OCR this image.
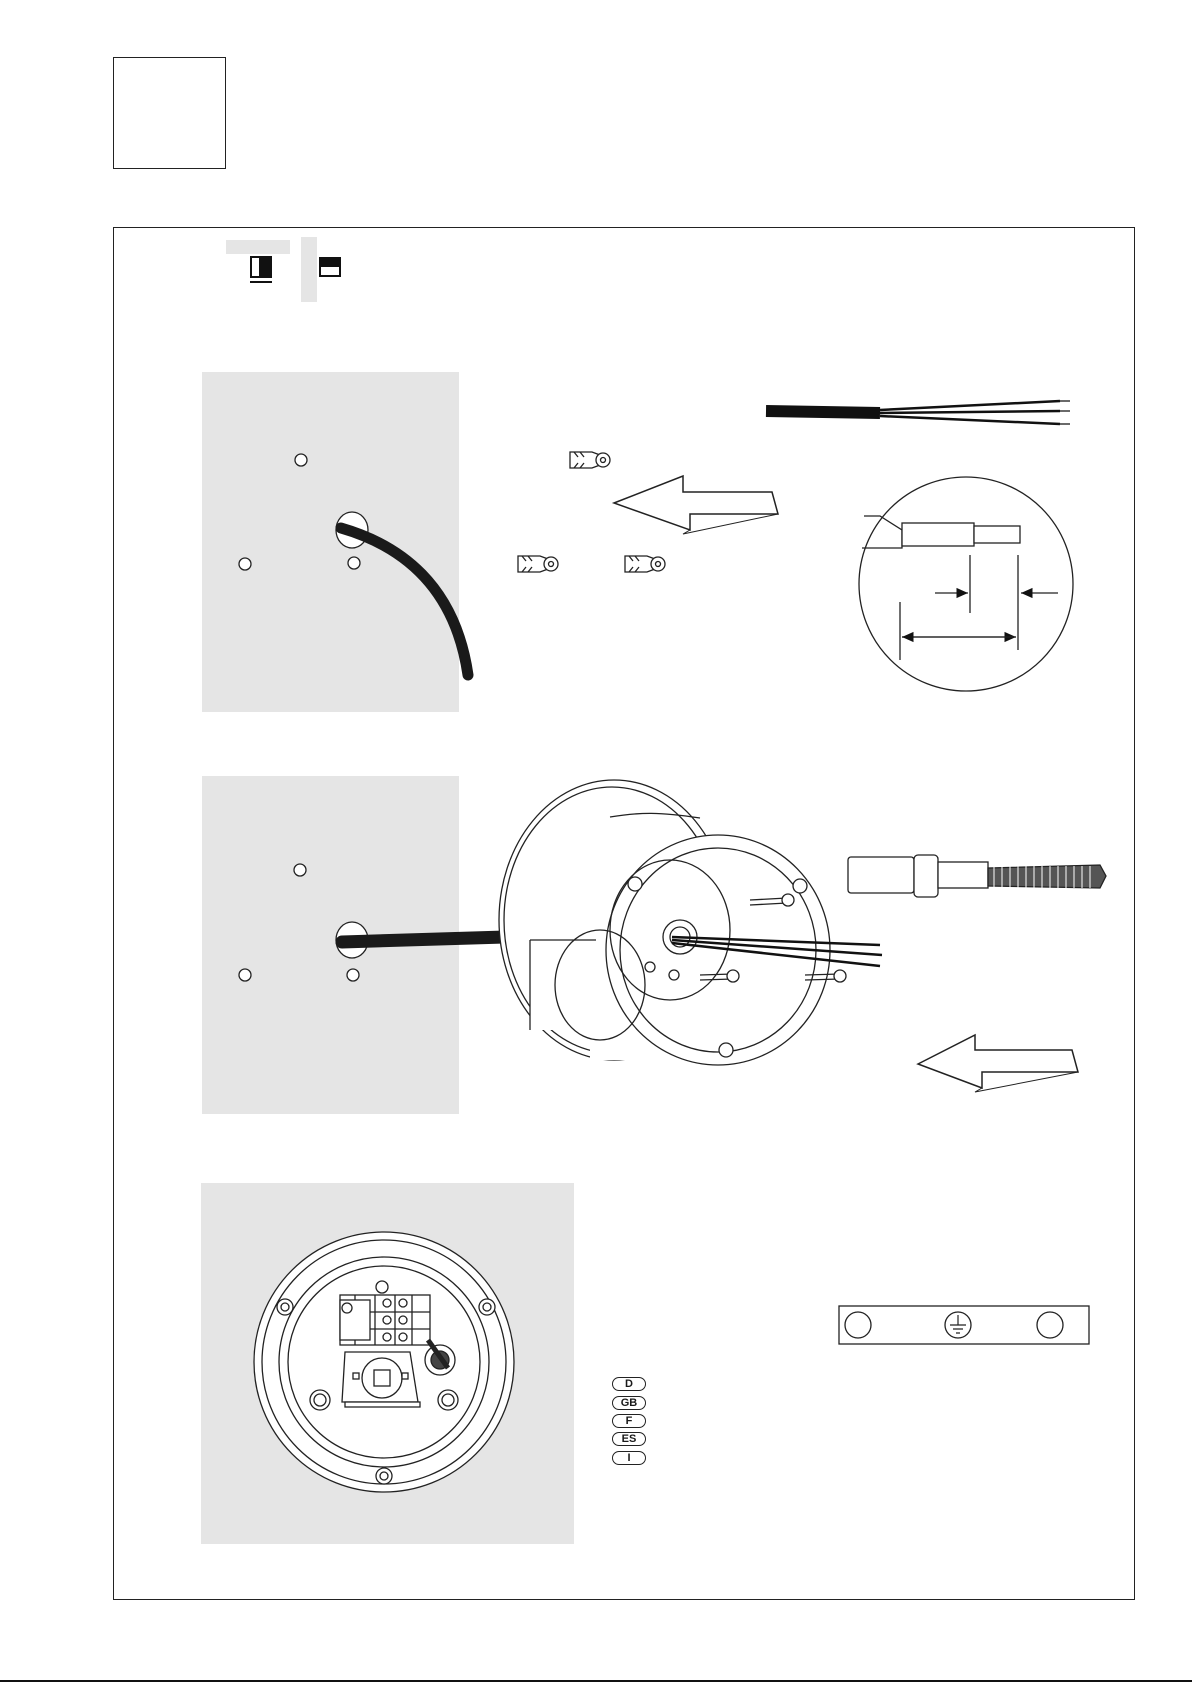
D
GB
F
ES
I
